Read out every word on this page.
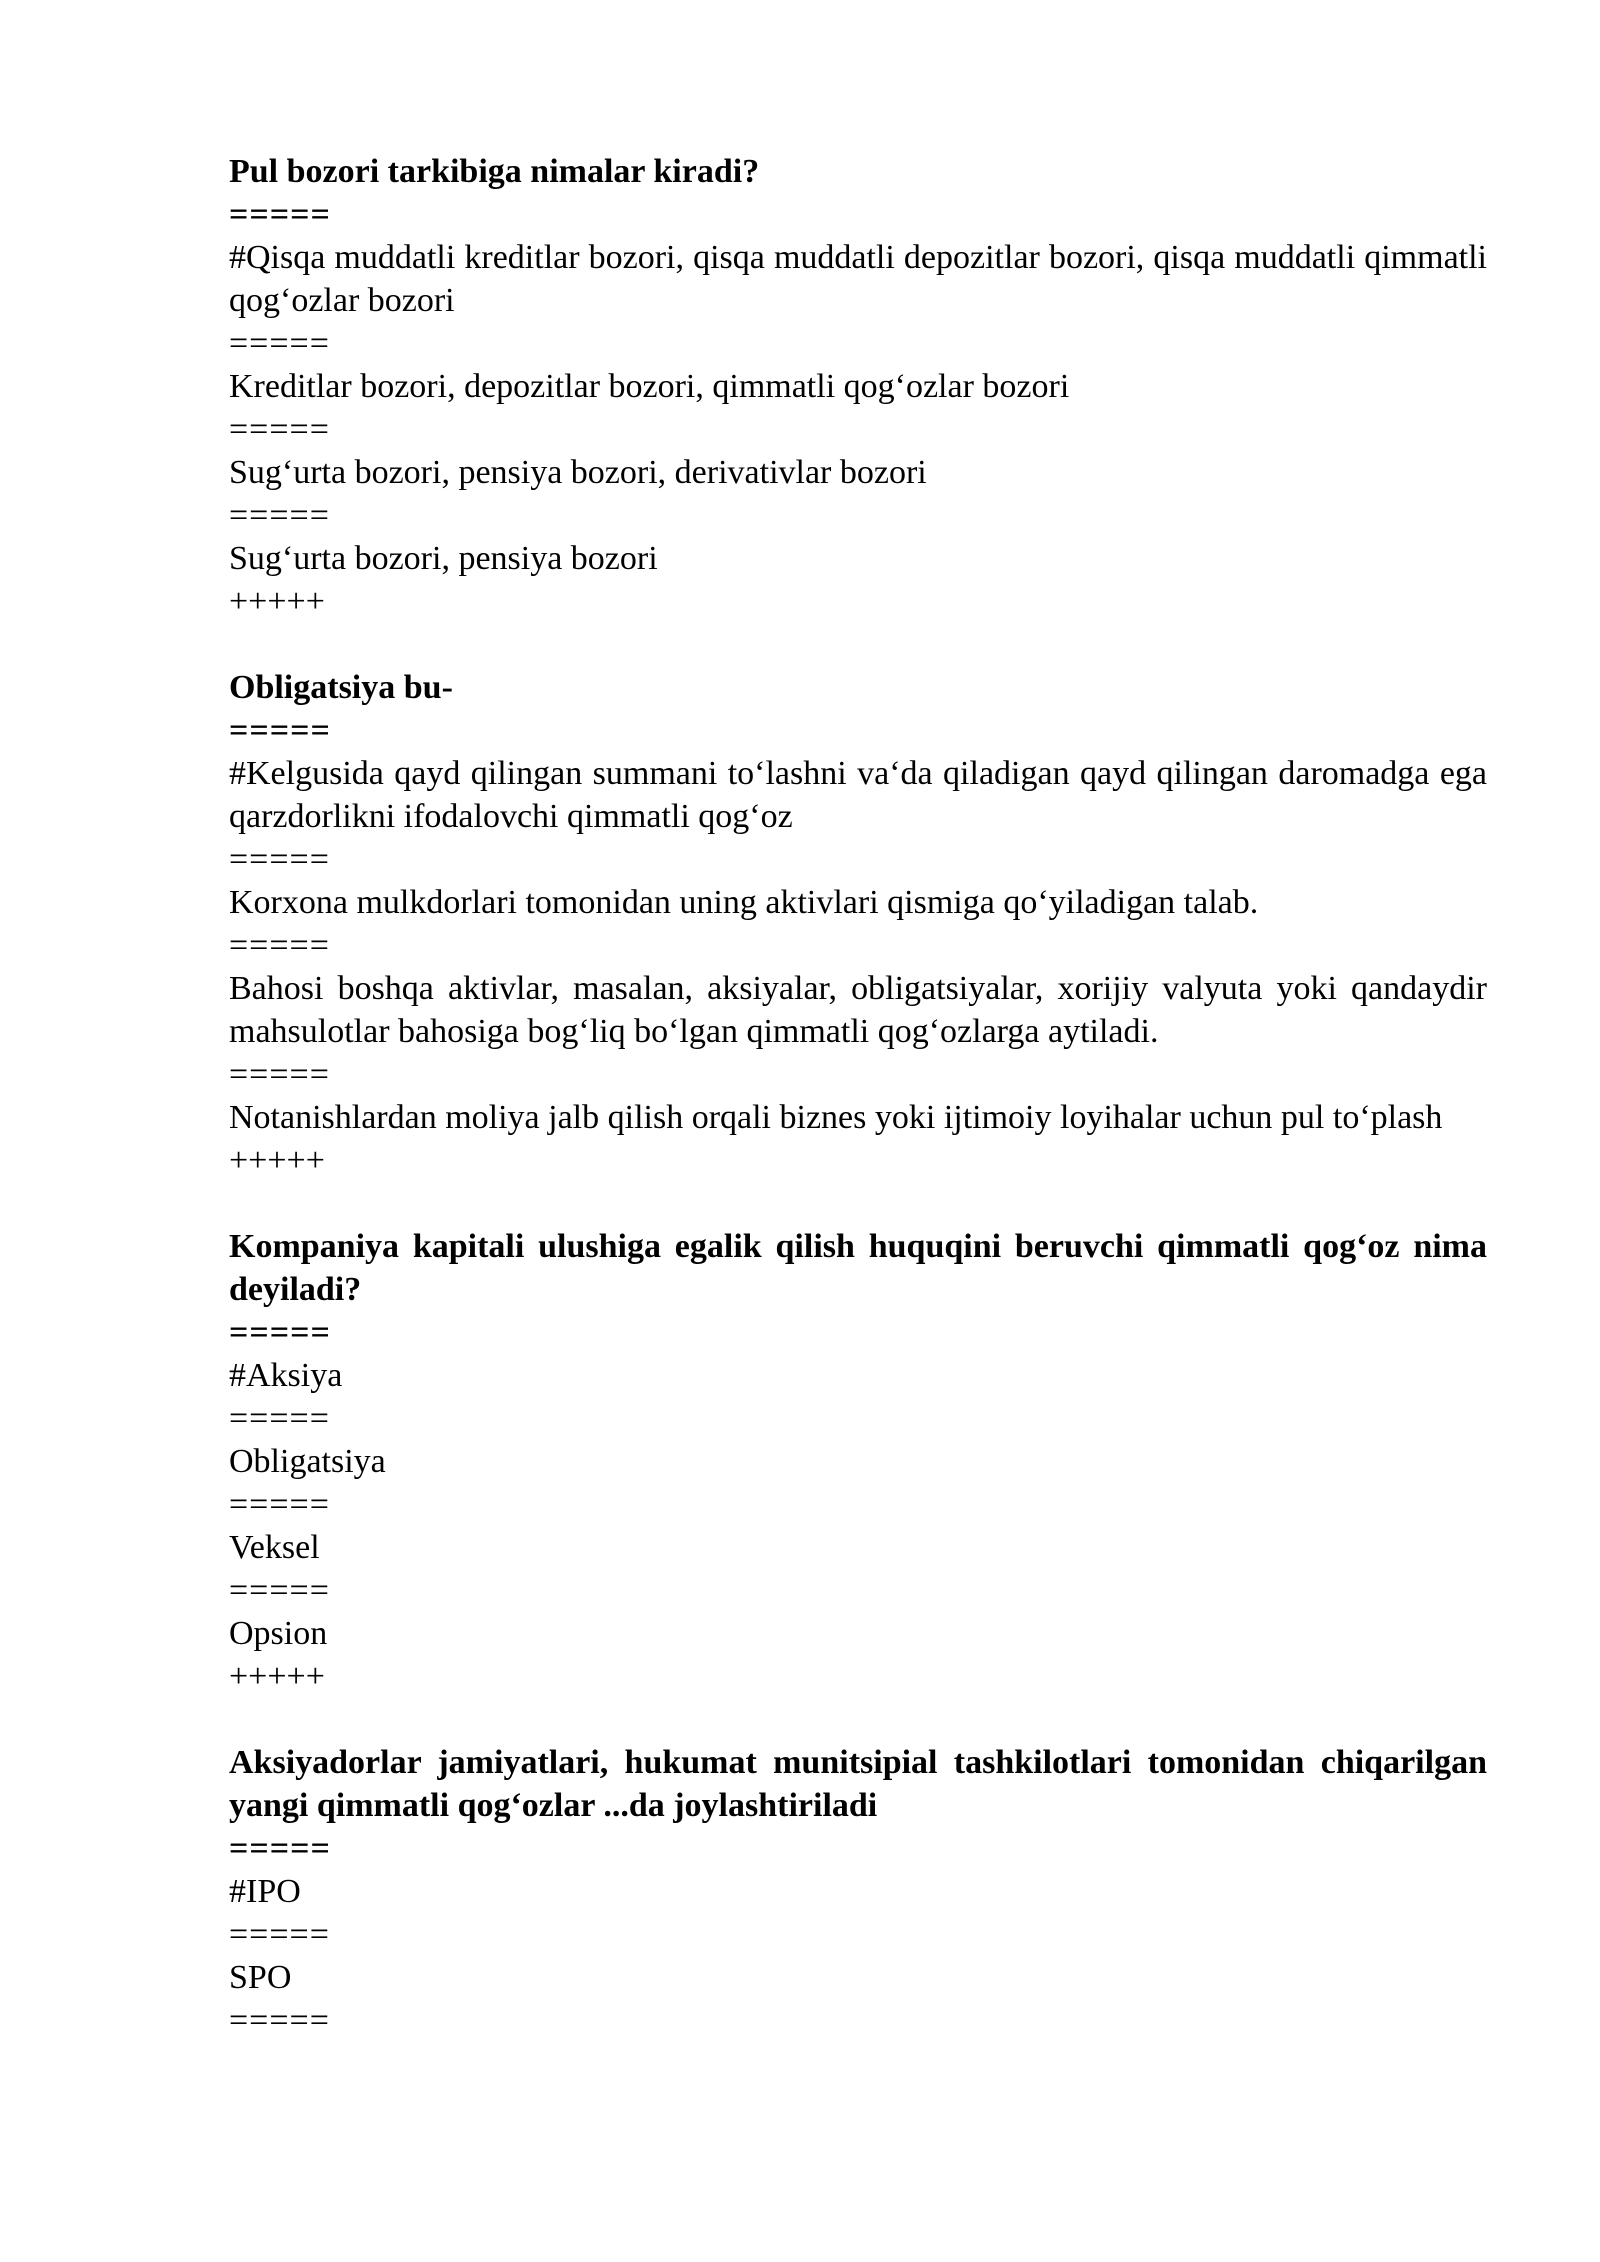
Pul bozori tarkibiga nimalar kiradi?
=====
#Qisqa muddatli kreditlar bozori, qisqa muddatli depozitlar bozori, qisqa muddatli qimmatli qog‘ozlar bozori
=====
Kreditlar bozori, depozitlar bozori, qimmatli qog‘ozlar bozori
=====
Sug‘urta bozori, pensiya bozori, derivativlar bozori
=====
Sug‘urta bozori, pensiya bozori
+++++
Obligatsiya bu-
=====
#Kelgusida qayd qilingan summani to‘lashni va‘da qiladigan qayd qilingan daromadga ega qarzdorlikni ifodalovchi qimmatli qog‘oz
=====
Korxona mulkdorlari tomonidan uning aktivlari qismiga qo‘yiladigan talab.
=====
Bahosi boshqa aktivlar, masalan, aksiyalar, obligatsiyalar, xorijiy valyuta yoki qandaydir mahsulotlar bahosiga bog‘liq bo‘lgan qimmatli qog‘ozlarga aytiladi.
=====
Notanishlardan moliya jalb qilish orqali biznes yoki ijtimoiy loyihalar uchun pul to‘plash
+++++
Kompaniya kapitali ulushiga egalik qilish huquqini beruvchi qimmatli qog‘oz nima deyiladi?
=====
#Aksiya
=====
Obligatsiya
=====
Veksel
=====
Opsion
+++++
Aksiyadorlar jamiyatlari, hukumat munitsipial tashkilotlari tomonidan chiqarilgan yangi qimmatli qog‘ozlar ...da joylashtiriladi
=====
#IPO
=====
SPO
=====
